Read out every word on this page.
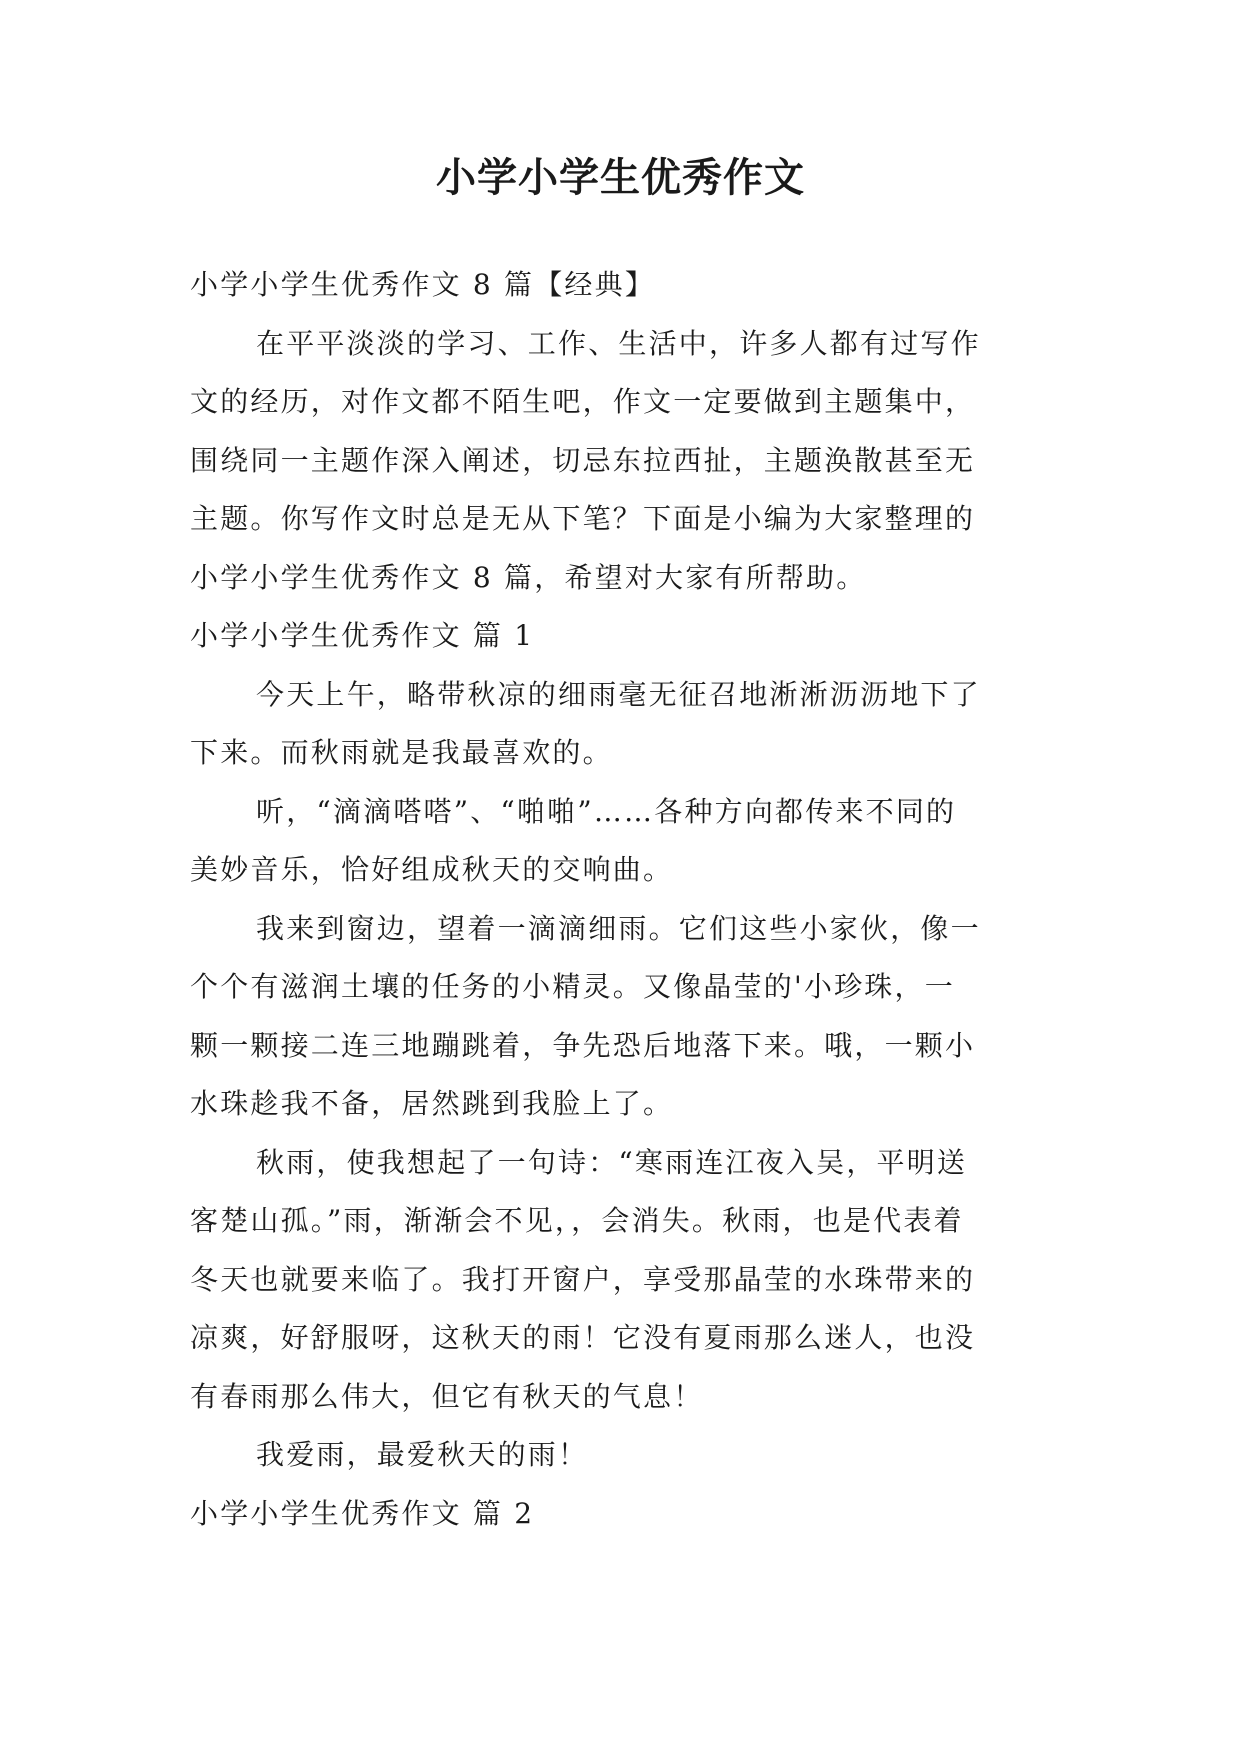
小学小学生优秀作文
小学小学生优秀作文 8 篇【经典】
在平平淡淡的学习、工作、生活中，许多人都有过写作
文的经历，对作文都不陌生吧，作文一定要做到主题集中，
围绕同一主题作深入阐述，切忌东拉西扯，主题涣散甚至无
主题。你写作文时总是无从下笔？下面是小编为大家整理的
小学小学生优秀作文 8 篇，希望对大家有所帮助。
小学小学生优秀作文 篇 1
今天上午，略带秋凉的细雨毫无征召地淅淅沥沥地下了
下来。而秋雨就是我最喜欢的。
听，“滴滴嗒嗒”、“啪啪”……各种方向都传来不同的
美妙音乐，恰好组成秋天的交响曲。
我来到窗边，望着一滴滴细雨。它们这些小家伙，像一
个个有滋润土壤的任务的小精灵。又像晶莹的'小珍珠，一
颗一颗接二连三地蹦跳着，争先恐后地落下来。哦，一颗小
水珠趁我不备，居然跳到我脸上了。
秋雨，使我想起了一句诗：“寒雨连江夜入吴，平明送
客楚山孤。”雨，渐渐会不见，，会消失。秋雨，也是代表着
冬天也就要来临了。我打开窗户，享受那晶莹的水珠带来的
凉爽，好舒服呀，这秋天的雨！它没有夏雨那么迷人，也没
有春雨那么伟大，但它有秋天的气息！
我爱雨，最爱秋天的雨！
小学小学生优秀作文 篇 2
